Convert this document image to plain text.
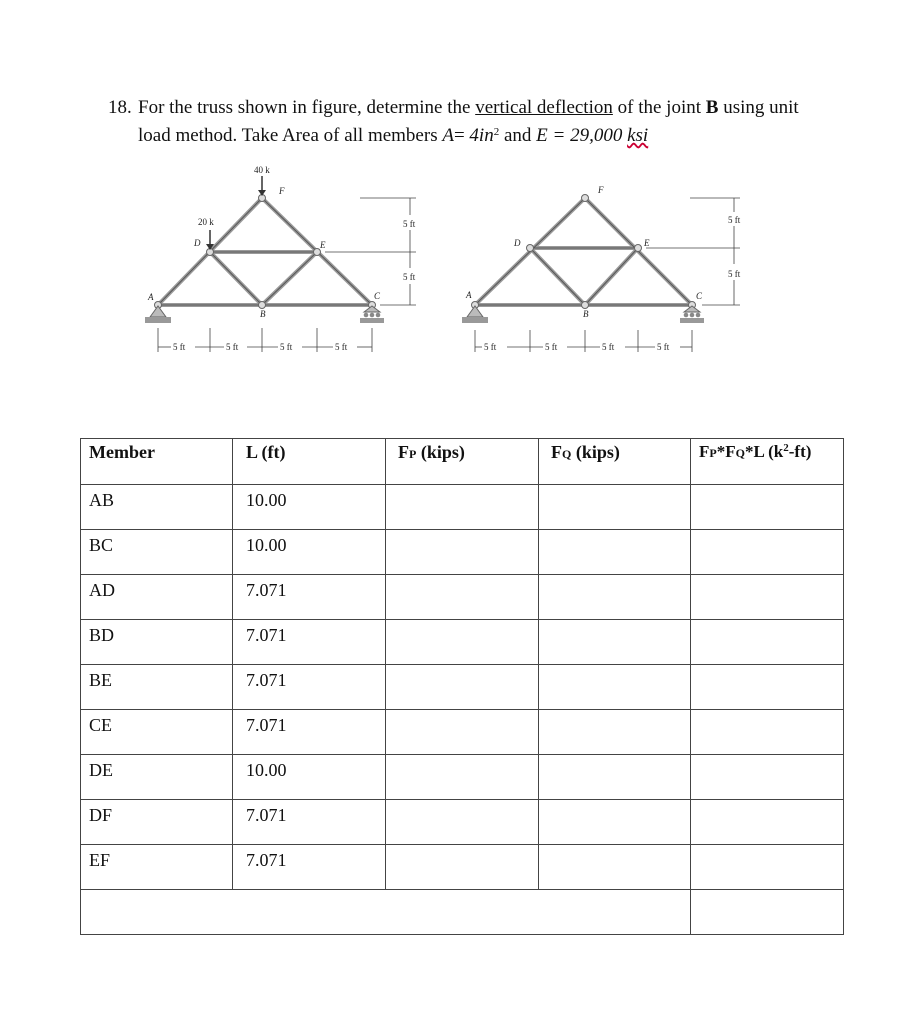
18. For the truss shown in figure, determine the vertical deflection of the joint B using unit
load method. Take Area of all members $A= 4in^2$ and E = 29,000 ksi
40 k
20 k
A
B
C
D	E
F
5 ft	5 ft	5 ft	5 ft
5 ft
5 ft
A
B
C
D	E
F
5 ft	5 ft	5 ft	5 ft
5 ft
5 ft
Member	L (ft)	FP (kips)	FQ (kips)	FP*FQ*L $(k^2-ft)$
AB	10.00			
BC	10.00			
AD	7.071			
BD	7.071			
BE	7.071			
CE	7.071			
DE	10.00			
DF	7.071			
EF	7.071			
